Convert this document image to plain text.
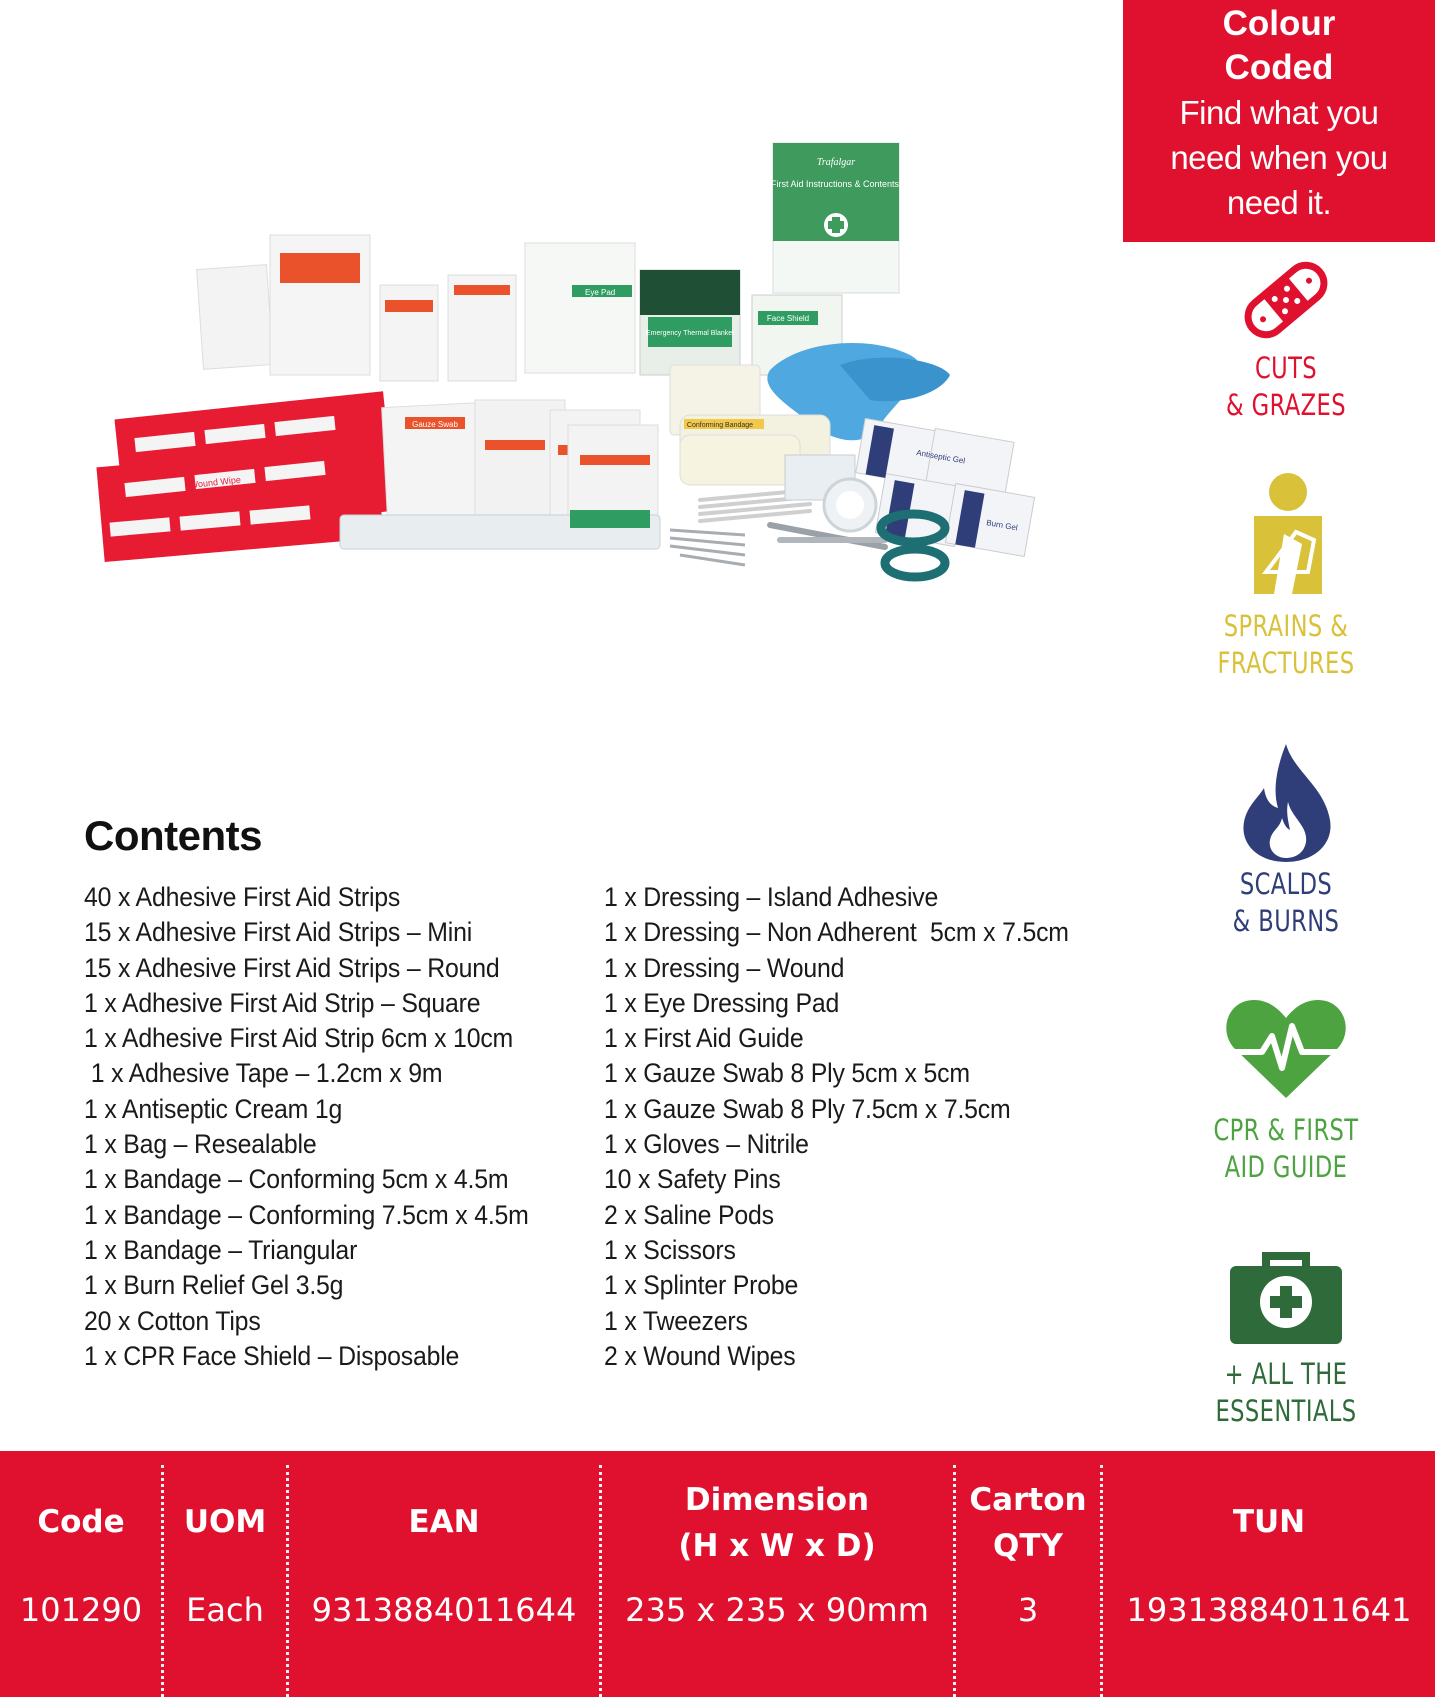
Colour
Coded
Find what you
need when you
need it.
Trafalgar
Basic First Aid Instructions & Contents Guide
Eye Pad
Emergency Thermal Blanket
Face Shield
Wound Wipe
Gauze Swab	Conforming Bandage
Antiseptic Gel
Burn Gel
CUTS
& GRAZES
SPRAINS &
FRACTURES
SCALDS
& BURNS
CPR & FIRST
AID GUIDE
+ ALL THE
ESSENTIALS
Contents
40 x Adhesive First Aid Strips
15 x Adhesive First Aid Strips – Mini
15 x Adhesive First Aid Strips – Round
1 x Adhesive First Aid Strip – Square
1 x Adhesive First Aid Strip 6cm x 10cm
1 x Adhesive Tape – 1.2cm x 9m
1 x Antiseptic Cream 1g
1 x Bag – Resealable
1 x Bandage – Conforming 5cm x 4.5m
1 x Bandage – Conforming 7.5cm x 4.5m
1 x Bandage – Triangular
1 x Burn Relief Gel 3.5g
20 x Cotton Tips
1 x CPR Face Shield – Disposable
1 x Dressing – Island Adhesive
1 x Dressing – Non Adherent  5cm x 7.5cm
1 x Dressing – Wound
1 x Eye Dressing Pad
1 x First Aid Guide
1 x Gauze Swab 8 Ply 5cm x 5cm
1 x Gauze Swab 8 Ply 7.5cm x 7.5cm
1 x Gloves – Nitrile
10 x Safety Pins
2 x Saline Pods
1 x Scissors
1 x Splinter Probe
1 x Tweezers
2 x Wound Wipes
Code
101290
UOM
Each
EAN
9313884011644
Dimension
(H x W x D)
235 x 235 x 90mm
Carton
QTY
3
TUN
19313884011641
